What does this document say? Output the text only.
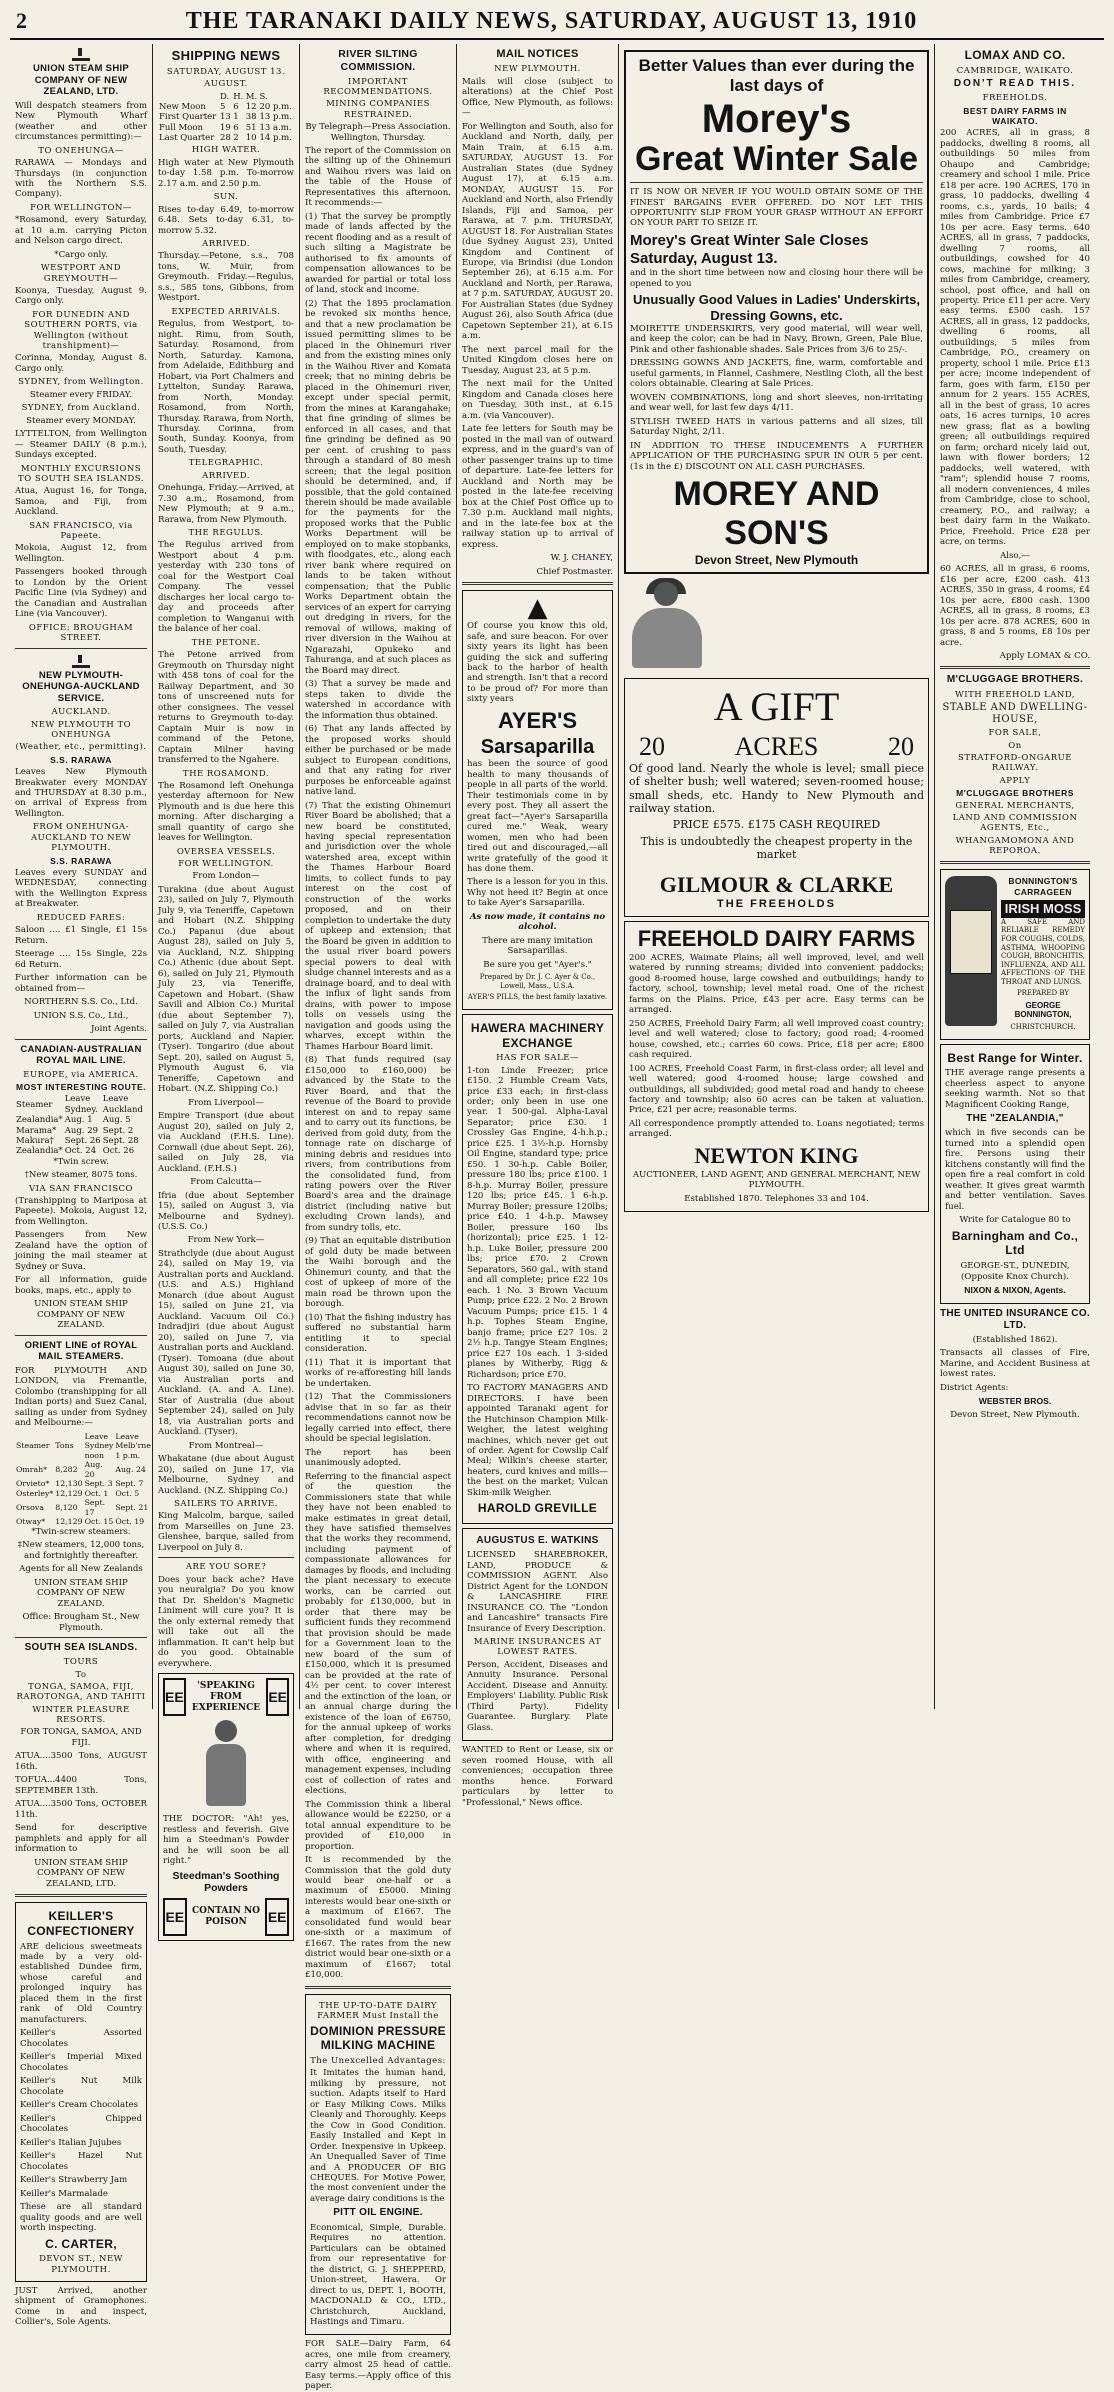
2	THE TARANAKI DAILY NEWS, SATURDAY, AUGUST 13, 1910
UNION STEAM SHIP COMPANY OF NEW ZEALAND, LTD.

Will despatch steamers from New Plymouth Wharf (weather and other circumstances permitting):—

TO ONEHUNGA—

RARAWA — Mondays and Thursdays (in conjunction with the Northern S.S. Company).

FOR WELLINGTON—

*Rosamond, every Saturday, at 10 a.m. carrying Picton and Nelson cargo direct.

*Cargo only.

WESTPORT AND GREYMOUTH—

Koonya, Tuesday, August 9. Cargo only.

FOR DUNEDIN AND SOUTHERN PORTS, via Wellington (without transhipment)—

Corinna, Monday, August 8. Cargo only.

SYDNEY, from Wellington.

Steamer every FRIDAY.

SYDNEY, from Auckland.

Steamer every MONDAY.

LYTTELTON, from Wellington— Steamer DAILY (8 p.m.), Sundays excepted.

MONTHLY EXCURSIONS TO SOUTH SEA ISLANDS.

Atua, August 16, for Tonga, Samoa, and Fiji, from Auckland.

SAN FRANCISCO, via Papeete.

Mokoia, August 12, from Wellington.

Passengers booked through to London by the Orient Pacific Line (via Sydney) and the Canadian and Australian Line (via Vancouver).

OFFICE: BROUGHAM STREET.
NEW PLYMOUTH-ONEHUNGA-AUCKLAND SERVICE.
AUCKLAND.
NEW PLYMOUTH TO ONEHUNGA
(Weather, etc., permitting).
S.S. RARAWA

Leaves New Plymouth Breakwater every MONDAY and THURSDAY at 8.30 p.m., on arrival of Express from Wellington.

FROM ONEHUNGA-AUCKLAND TO NEW PLYMOUTH.
S.S. RARAWA

Leaves every SUNDAY and WEDNESDAY, connecting with the Wellington Express at Breakwater.

REDUCED FARES:

Saloon .... £1 Single, £1 15s Return.

Steerage .... 15s Single, 22s 6d Return.

Further information can be obtained from—

NORTHERN S.S. Co., Ltd.

UNION S.S. Co., Ltd.,

Joint Agents.

CANADIAN-AUSTRALIAN ROYAL MAIL LINE.
EUROPE, via AMERICA.
MOST INTERESTING ROUTE.
Steamer	Leave Sydney.	Leave Auckland
Zealandia*	Aug. 1	Aug. 5
Marama*	Aug. 29	Sept. 2
Makura†	Sept. 26	Sept. 28
Zealandia*	Oct. 24	Oct. 26

*Twin screw.

†New steamer, 8075 tons.

VIA SAN FRANCISCO

(Transhipping to Mariposa at Papeete). Mokoia, August 12, from Wellington.

Passengers from New Zealand have the option of joining the mail steamer at Sydney or Suva.

For all information, guide books, maps, etc., apply to

UNION STEAM SHIP COMPANY OF NEW ZEALAND.

ORIENT LINE of ROYAL MAIL STEAMERS.

FOR PLYMOUTH AND LONDON, via Fremantle, Colombo (transhipping for all Indian ports) and Suez Canal, sailing as under from Sydney and Melbourne:—

Steamer	Tons	Leave Sydney noon	Leave Melb'rne 1 p.m.
Omrah*	8,282	Aug. 20	Aug. 24
Orvieto*	12,130	Sept. 3	Sept. 7
Osterley*	12,129	Oct. 1	Oct. 5
Orsova	8,120	Sept. 17	Sept. 21
Otway*	12,129	Oct. 15	Oct. 19

*Twin-screw steamers.

‡New steamers, 12,000 tons, and fortnightly thereafter.

Agents for all New Zealands

UNION STEAM SHIP COMPANY OF NEW ZEALAND.

Office: Brougham St., New Plymouth.

SOUTH SEA ISLANDS.
TOURS
To
TONGA, SAMOA, FIJI, RAROTONGA, AND TAHITI
WINTER PLEASURE RESORTS.

FOR TONGA, SAMOA, AND FIJI.

ATUA....3500 Tons, AUGUST 16th.

TOFUA...4400 Tons, SEPTEMBER 13th.

ATUA....3500 Tons, OCTOBER 11th.

Send for descriptive pamphlets and apply for all information to

UNION STEAM SHIP COMPANY OF NEW ZEALAND, LTD.

KEILLER'S CONFECTIONERY

ARE delicious sweetmeats made by a very old-established Dundee firm, whose careful and prolonged inquiry has placed them in the first rank of Old Country manufacturers.

Keiller's Assorted Chocolates

Keiller's Imperial Mixed Chocolates

Keiller's Nut Milk Chocolate

Keiller's Cream Chocolates

Keiller's Chipped Chocolates

Keiller's Italian Jujubes

Keiller's Hazel Nut Chocolates

Keiller's Strawberry Jam

Keiller's Marmalade

These are all standard quality goods and are well worth inspecting.

C. CARTER,
DEVON ST., NEW PLYMOUTH.

JUST Arrived, another shipment of Gramophones. Come in and inspect, Collier's, Sole Agents.

SHIPPING NEWS
SATURDAY, AUGUST 13.
AUGUST.
	D.	H.	M.	S.
New Moon	5	6	12	20 p.m.
First Quarter	13	1	38	13 p.m.
Full Moon	19	6	51	13 a.m.
Last Quarter	28	2	10	14 p.m.
HIGH WATER.

High water at New Plymouth to-day 1.58 p.m. To-morrow 2.17 a.m. and 2.50 p.m.

SUN.

Rises to-day 6.49, to-morrow 6.48. Sets to-day 6.31, to-morrow 5.32.

ARRIVED.

Thursday.—Petone, s.s., 708 tons, W. Muir, from Greymouth. Friday.—Regulus, s.s., 585 tons, Gibbons, from Westport.

EXPECTED ARRIVALS.

Regulus, from Westport, to-night. Rimu, from South, Saturday. Rosamond, from North, Saturday. Kamona, from Adelaide, Edithburg and Hobart, via Port Chalmers and Lyttelton, Sunday. Rarawa, from North, Monday. Rosamond, from North, Thursday. Rarawa, from North, Thursday. Corinna, from South, Sunday. Koonya, from South, Tuesday.

TELEGRAPHIC.
ARRIVED.

Onehunga, Friday.—Arrived, at 7.30 a.m., Rosamond, from New Plymouth; at 9 a.m., Rarawa, from New Plymouth.

THE REGULUS.

The Regulus arrived from Westport about 4 p.m. yesterday with 230 tons of coal for the Westport Coal Company. The vessel discharges her local cargo to-day and proceeds after completion to Wanganui with the balance of her coal.

THE PETONE.

The Petone arrived from Greymouth on Thursday night with 458 tons of coal for the Railway Department, and 30 tons of unscreened nuts for other consignees. The vessel returns to Greymouth to-day. Captain Muir is now in command of the Petone, Captain Milner having transferred to the Ngahere.

THE ROSAMOND.

The Rosamond left Onehunga yesterday afternoon for New Plymouth and is due here this morning. After discharging a small quantity of cargo she leaves for Wellington.

OVERSEA VESSELS.
FOR WELLINGTON.

From London—

Turakina (due about August 23), sailed on July 7, Plymouth July 9, via Teneriffe, Capetown and Hobart (N.Z. Shipping Co.) Papanui (due about August 28), sailed on July 5, via Auckland, N.Z. Shipping Co.) Athenic (due about Sept. 6), sailed on July 21, Plymouth July 23, via Teneriffe, Capetown and Hobart. (Shaw Savill and Albion Co.) Murital (due about September 7), sailed on July 7, via Australian ports, Auckland and Napier. (Tyser). Tongariro (due about Sept. 20), sailed on August 5, Plymouth August 6, via Teneriffe, Capetown and Hobart. (N.Z. Shipping Co.)

From Liverpool—

Empire Transport (due about August 20), sailed on July 2, via Auckland (F.H.S. Line). Cornwall (due about Sept. 26), sailed on July 28, via Auckland. (F.H.S.)

From Calcutta—

Ifria (due about September 15), sailed on August 3, via Melbourne and Sydney). (U.S.S. Co.)

From New York—

Strathclyde (due about August 24), sailed on May 19, via Australian ports and Auckland. (U.S. and A.S.) Highland Monarch (due about August 15), sailed on June 21, via Auckland. Vacuum Oil Co.) Indradjiri (due about August 20), sailed on June 7, via Australian ports and Auckland. (Tyser). Tomoana (due about August 30), sailed on June 30, via Australian ports and Auckland. (A. and A. Line). Star of Australia (due about September 24), sailed on July 18, via Australian ports and Auckland. (Tyser).

From Montreal—

Whakatane (due about August 20), sailed on June 17, via Melbourne, Sydney and Auckland. (N.Z. Shipping Co.)

SAILERS TO ARRIVE.

King Malcolm, barque, sailed from Marseilles on June 23. Glenshee, barque, sailed from Liverpool on July 8.

ARE YOU SORE?

Does your back ache? Have you neuralgia? Do you know that Dr. Sheldon's Magnetic Liniment will cure you? It is the only external remedy that will take out all the inflammation. It can't help but do you good. Obtainable everywhere.

EE
'SPEAKING FROM EXPERIENCE
EE

THE DOCTOR: "Ah! yes, restless and feverish. Give him a Steedman's Powder and he will soon be all right."

Steedman's Soothing Powders
EE CONTAIN NO POISON	EE
RIVER SILTING COMMISSION.
IMPORTANT RECOMMENDATIONS.
MINING COMPANIES RESTRAINED.

By Telegraph—Press Association. Wellington, Thursday.

The report of the Commission on the silting up of the Ohinemuri and Waihou rivers was laid on the table of the House of Representatives this afternoon. It recommends:—

(1) That the survey be promptly made of lands affected by the recent flooding and as a result of such silting a Magistrate be authorised to fix amounts of compensation allowances to be awarded for partial or total loss of land, stock and income.

(2) That the 1895 proclamation be revoked six months hence, and that a new proclamation be issued permitting slimes to be placed in the Ohinemuri river and from the existing mines only in the Waihou River and Komata creek; that no mining debris be placed in the Ohinemuri river, except under special permit, from the mines at Karangahake; that fine grinding of slimes be enforced in all cases, and that fine grinding be defined as 90 per cent. of crushing to pass through a standard of 80 mesh screen; that the legal position should be determined, and, if possible, that the gold contained therein should be made available for the payments for the proposed works that the Public Works Department will be employed on to make stopbanks, with floodgates, etc., along each river bank where required on lands to be taken without compensation; that the Public Works Department obtain the services of an expert for carrying out dredging in rivers, for the removal of willows, making of river diversion in the Waihou at Ngarazahi, Opukeko and Tahuranga, and at such places as the Board may direct.

(3) That a survey be made and steps taken to divide the watershed in accordance with the information thus obtained.

(6) That any lands affected by the proposed works should either be purchased or be made subject to European conditions, and that any rating for river purposes be enforceable against native land.

(7) That the existing Ohinemuri River Board be abolished; that a new board be constituted, having special representation and jurisdiction over the whole watershed area, except within the Thames Harbour Board limits, to collect funds to pay interest on the cost of construction of the works proposed, and on their completion to undertake the duty of upkeep and extension; that the Board be given in addition to the usual river board powers special powers to deal with sludge channel interests and as a drainage board, and to deal with the influx of light sands from drains, with power to impose tolls on vessels using the navigation and goods using the wharves, except within the Thames Harbour Board limit.

(8) That funds required (say £150,000 to £160,000) be advanced by the State to the River Board, and that the revenue of the Board to provide interest on and to repay same and to carry out its functions, be derived from gold duty, from the tonnage rate on discharge of mining debris and residues into rivers, from contributions from the consolidated fund, from rating powers over the River Board's area and the drainage district (including native but excluding Crown lands), and from sundry tolls, etc.

(9) That an equitable distribution of gold duty be made between the Waihi borough and the Ohinemuri county, and that the cost of upkeep of more of the main road be thrown upon the borough.

(10) That the fishing industry has suffered no substantial harm entitling it to special consideration.

(11) That it is important that works of re-afforesting hill lands be undertaken.

(12) That the Commissioners advise that in so far as their recommendations cannot now be legally carried into effect, there should be special legislation.

The report has been unanimously adopted.

Referring to the financial aspect of the question the Commissioners state that while they have not been enabled to make estimates in great detail, they have satisfied themselves that the works they recommend, including payment of compassionate allowances for damages by floods, and including the plant necessary to execute works, can be carried out probably for £130,000, but in order that there may be sufficient funds they recommend that provision should be made for a Government loan to the new board of the sum of £150,000, which it is presumed can be provided at the rate of 4½ per cent. to cover interest and the extinction of the loan, or an annual charge during the existence of the loan of £6750, for the annual upkeep of works after completion, for dredging where and when it is required, with office, engineering and management expenses, including cost of collection of rates and elections.

The Commission think a liberal allowance would be £2250, or a total annual expenditure to be provided of £10,000 in proportion.

It is recommended by the Commission that the gold duty would bear one-half or a maximum of £5000. Mining interests would bear one-sixth or a maximum of £1667. The consolidated fund would bear one-sixth or a maximum of £1667. The rates from the new district would bear one-sixth or a maximum of £1667; total £10,000.

THE UP-TO-DATE DAIRY FARMER Must Install the
DOMINION PRESSURE MILKING MACHINE
The Unexcelled Advantages:

It Imitates the human hand, milking by pressure, not suction. Adapts itself to Hard or Easy Milking Cows. Milks Cleanly and Thoroughly. Keeps the Cow in Good Condition. Easily Installed and Kept in Order. Inexpensive in Upkeep. An Unequalled Saver of Time and A PRODUCER OF BIG CHEQUES. For Motive Power, the most convenient under the average dairy conditions is the

PITT OIL ENGINE.

Economical, Simple, Durable. Requires no attention. Particulars can be obtained from our representative for the district, G. J. SHEPPERD, Union-street, Hawera. Or direct to us, DEPT. 1, BOOTH, MACDONALD & CO., LTD., Christchurch, Auckland, Hastings and Timaru.

FOR SALE—Dairy Farm, 64 acres, one mile from creamery, carry almost 25 head of cattle. Easy terms.—Apply office of this paper.

MAIL NOTICES
NEW PLYMOUTH.

Mails will close (subject to alterations) at the Chief Post Office, New Plymouth, as follows:—

For Wellington and South, also for Auckland and North, daily, per Main Train, at 6.15 a.m. SATURDAY, AUGUST 13. For Australian States (due Sydney August 17), at 6.15 a.m. MONDAY, AUGUST 15. For Auckland and North, also Friendly Islands, Fiji and Samoa, per Rarawa, at 7 p.m. THURSDAY, AUGUST 18. For Australian States (due Sydney August 23), United Kingdom and Continent of Europe, via Brindisi (due London September 26), at 6.15 a.m. For Auckland and North, per Rarawa, at 7 p.m. SATURDAY, AUGUST 20. For Australian States (due Sydney August 26), also South Africa (due Capetown September 21), at 6.15 a.m.

The next parcel mail for the United Kingdom closes here on Tuesday, August 23, at 5 p.m.

The next mail for the United Kingdom and Canada closes here on Tuesday, 30th inst., at 6.15 a.m. (via Vancouver).

Late fee letters for South may be posted in the mail van of outward express, and in the guard's van of other passenger trains up to time of departure. Late-fee letters for Auckland and North may be posted in the late-fee receiving box at the Chief Post Office up to 7.30 p.m. Auckland mail nights, and in the late-fee box at the railway station up to arrival of express.

W. J. CHANEY,

Chief Postmaster.

▲

Of course you know this old, safe, and sure beacon. For over sixty years its light has been guiding the sick and suffering back to the harbor of health and strength. Isn't that a record to be proud of? For more than sixty years

AYER'S
Sarsaparilla

has been the source of good health to many thousands of people in all parts of the world. Their testimonials come in by every post. They all assert the great fact—"Ayer's Sarsaparilla cured me." Weak, weary women, men who had been tired out and discouraged,—all write gratefully of the good it has done them.

There is a lesson for you in this. Why not heed it? Begin at once to take Ayer's Sarsaparilla.

As now made, it contains no alcohol.

There are many imitation Sarsaparillas.

Be sure you get "Ayer's."

Prepared by Dr. J. C. Ayer & Co., Lowell, Mass., U.S.A.

AYER'S PILLS, the best family laxative.

HAWERA MACHINERY EXCHANGE
HAS FOR SALE—

1-ton Linde Freezer; price £150. 2 Humble Cream Vats, price £33 each; in first-class order; only been in use one year. 1 500-gal. Alpha-Laval Separator; price £30. 1 Crossley Gas Engine, 4-h.h.p.; price £25. 1 3½-h.p. Hornsby Oil Engine, standard type; price £50. 1 30-h.p. Cable Boiler, pressure 180 lbs; price £100. 1 8-h.p. Murray Boiler, pressure 120 lbs; price £45. 1 6-h.p. Murray Boiler; pressure 120lbs; price £40. 1 4-h.p. Mawsey Boiler, pressure 160 lbs (horizontal); price £25. 1 12-h.p. Luke Boiler, pressure 200 lbs; price £70. 2 Crown Separators, 560 gal., with stand and all complete; price £22 10s each. 1 No. 3 Brown Vacuum Pump; price £22. 2 No. 2 Brown Vacuum Pumps; price £15. 1 4 h.p. Tophes Steam Engine, banjo frame; price £27 10s. 2 2½ h.p. Tangye Steam Engines; price £27 10s each. 1 3-sided planes by Witherby, Rigg & Richardson; price £70.

TO FACTORY MANAGERS AND DIRECTORS. I have been appointed Taranaki agent for the Hutchinson Champion Milk-Weigher, the latest weighing machines, which never get out of order. Agent for Cowslip Calf Meal; Wilkin's cheese starter, heaters, curd knives and mills—the best on the market; Vulcan Skim-milk Weigher.

HAROLD GREVILLE
AUGUSTUS E. WATKINS

LICENSED SHAREBROKER, LAND, PRODUCE & COMMISSION AGENT. Also District Agent for the LONDON & LANCASHIRE FIRE INSURANCE CO. The "London and Lancashire" transacts Fire Insurance of Every Description.

MARINE INSURANCES AT LOWEST RATES.

Person, Accident, Diseases and Annuity Insurance. Personal Accident. Disease and Annuity. Employers' Liability. Public Risk (Third Party). Fidelity Guarantee. Burglary. Plate Glass.

WANTED to Rent or Lease, six or seven roomed House, with all conveniences; occupation three months hence. Forward particulars by letter to "Professional," News office.

Better Values than ever during the last days of
Morey's
Great Winter Sale

IT IS NOW OR NEVER IF YOU WOULD OBTAIN SOME OF THE FINEST BARGAINS EVER OFFERED. DO NOT LET THIS OPPORTUNITY SLIP FROM YOUR GRASP WITHOUT AN EFFORT ON YOUR PART TO SEIZE IT.

Morey's Great Winter Sale Closes Saturday, August 13.

and in the short time between now and closing hour there will be opened to you

Unusually Good Values in Ladies' Underskirts, Dressing Gowns, etc.

MOIRETTE UNDERSKIRTS, very good material, will wear well, and keep the color; can be had in Navy, Brown, Green, Pale Blue, Pink and other fashionable shades. Sale Prices from 3/6 to 25/-.

DRESSING GOWNS AND JACKETS, fine, warm, comfortable and useful garments, in Flannel, Cashmere, Nestling Cloth, all the best colors obtainable. Clearing at Sale Prices.

WOVEN COMBINATIONS, long and short sleeves, non-irritating and wear well, for last few days 4/11.

STYLISH TWEED HATS in various patterns and all sizes, till Saturday Night, 2/11.

IN ADDITION TO THESE INDUCEMENTS A FURTHER APPLICATION OF THE PURCHASING SPUR IN OUR 5 per cent. (1s in the £) DISCOUNT ON ALL CASH PURCHASES.

MOREY AND SON'S
Devon Street, New Plymouth
A GIFT
20	ACRES	20

Of good land. Nearly the whole is level; small piece of shelter bush; well watered; seven-roomed house; small sheds, etc. Handy to New Plymouth and railway station.

PRICE £575. £175 CASH REQUIRED

This is undoubtedly the cheapest property in the market

GILMOUR & CLARKE
THE FREEHOLDS
FREEHOLD DAIRY FARMS

200 ACRES, Waimate Plains; all well improved, level, and well watered by running streams; divided into convenient paddocks; good 8-roomed house, large cowshed and outbuildings; handy to factory, school, township; level metal road. One of the richest farms on the Plains. Price, £43 per acre. Easy terms can be arranged.

250 ACRES, Freehold Dairy Farm; all well improved coast country; level and well watered; close to factory; good road; 4-roomed house, cowshed, etc.; carries 60 cows. Price, £18 per acre; £800 cash required.

100 ACRES, Freehold Coast Farm, in first-class order; all level and well watered; good 4-roomed house; large cowshed and outbuildings, all subdivided; good metal road and handy to cheese factory and township; also 60 acres can be taken at valuation. Price, £21 per acre; reasonable terms.

All correspondence promptly attended to. Loans negotiated; terms arranged.

NEWTON KING

AUCTIONEER, LAND AGENT, AND GENERAL MERCHANT, NEW PLYMOUTH.

Established 1870. Telephones 33 and 104.

LOMAX AND CO.
CAMBRIDGE, WAIKATO.
DON'T READ THIS.
FREEHOLDS.
BEST DAIRY FARMS IN WAIKATO.

200 ACRES, all in grass, 8 paddocks, dwelling 8 rooms, all outbuildings 50 miles from Ohaupo and Cambridge; creamery and school 1 mile. Price £18 per acre. 190 ACRES, 170 in grass, 10 paddocks, dwelling 4 rooms, c.s., yards, 10 bails; 4 miles from Cambridge. Price £7 10s per acre. Easy terms. 640 ACRES, all in grass, 7 paddocks, dwelling 7 rooms, all outbuildings, cowshed for 40 cows, machine for milking; 3 miles from Cambridge, creamery, school, post office, and hall on property. Price £11 per acre. Very easy terms. £500 cash. 157 ACRES, all in grass, 12 paddocks, dwelling 6 rooms, all outbuildings, 5 miles from Cambridge, P.O., creamery on property, school 1 mile. Price £13 per acre; income independent of farm, goes with farm, £150 per annum for 2 years. 155 ACRES, all in the best of grass, 10 acres oats, 16 acres turnips, 10 acres new grass; flat as a bowling green; all outbuildings required on farm; orchard nicely laid out, lawn with flower borders; 12 paddocks, well watered, with "ram"; splendid house 7 rooms, all modern conveniences, 4 miles from Cambridge, close to school, creamery, P.O., and railway; a best dairy farm in the Waikato. Price, Freehold. Price £28 per acre, on terms.

Also,—

60 ACRES, all in grass, 6 rooms, £16 per acre, £200 cash. 413 ACRES, 350 in grass, 4 rooms, £4 10s per acre, £800 cash. 1300 ACRES, all in grass, 8 rooms, £3 10s per acre. 878 ACRES, 600 in grass, 8 and 5 rooms, £8 10s per acre.

Apply LOMAX & CO.

M'CLUGGAGE BROTHERS.
WITH FREEHOLD LAND,
STABLE AND DWELLING-HOUSE,
FOR SALE,
On
STRATFORD-ONGARUE RAILWAY.
APPLY
M'CLUGGAGE BROTHERS
GENERAL MERCHANTS,
LAND AND COMMISSION AGENTS, Etc.,
WHANGAMOMONA AND REPOROA.
BONNINGTON'S CARRAGEEN
IRISH MOSS

A SAFE AND RELIABLE REMEDY FOR COUGHS, COLDS, ASTHMA, WHOOPING COUGH, BRONCHITIS, INFLUENZA, AND ALL AFFECTIONS OF THE THROAT AND LUNGS.

PREPARED BY

GEORGE BONNINGTON,

CHRISTCHURCH.

Best Range for Winter.

THE average range presents a cheerless aspect to anyone seeking warmth. Not so that Magnificent Cooking Range,

THE "ZEALANDIA,"

which in five seconds can be turned into a splendid open fire. Persons using their kitchens constantly will find the open fire a real comfort in cold weather. It gives great warmth and better ventilation. Saves fuel.

Write for Catalogue 80 to

Barningham and Co., Ltd

GEORGE-ST., DUNEDIN, (Opposite Knox Church).

NIXON & NIXON, Agents.

THE UNITED INSURANCE CO. LTD.

(Established 1862).

Transacts all classes of Fire, Marine, and Accident Business at lowest rates.

District Agents:

WEBSTER BROS.

Devon Street, New Plymouth.
